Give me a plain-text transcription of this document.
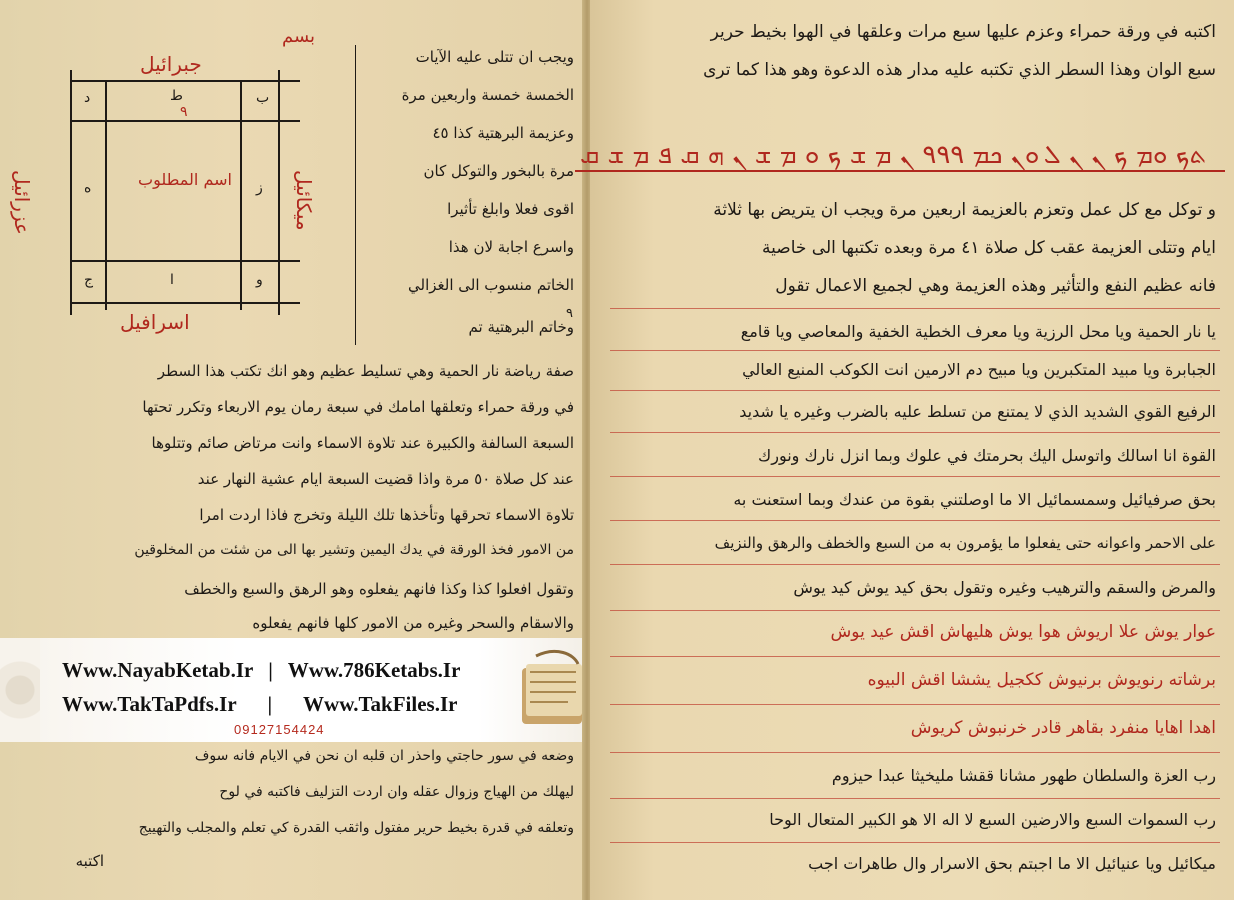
جبرائيل
عزرائيل	ميكائيل
اسرافيل
بسم
اسم المطلوب
ب
ط
٩
د
ز
ه
و
ا
ج
ويجب ان تتلى عليه الآيات
الخمسة خمسة واربعين مرة
وعزيمة البرهتية كذا ٤٥
مرة بالبخور والتوكل كان
اقوى فعلا وابلغ تأثيرا
واسرع اجابة لان هذا
الخاتم منسوب الى الغزالي
وخاتم البرهتية تم
صفة رياضة نار الحمية وهي تسليط عظيم وهو انك تكتب هذا السطر
في ورقة حمراء وتعلقها امامك في سبعة رمان يوم الاربعاء وتكرر تحتها
السبعة السالفة والكبيرة عند تلاوة الاسماء وانت مرتاض صائم وتتلوها
عند كل صلاة ٥٠ مرة واذا قضيت السبعة ايام عشية النهار عند
تلاوة الاسماء تحرقها وتأخذها تلك الليلة وتخرج فاذا اردت امرا
من الامور فخذ الورقة في يدك اليمين وتشير بها الى من شئت من المخلوقين
وتقول افعلوا كذا وكذا فانهم يفعلوه وهو الرهق والسبع والخطف
والاسقام والسحر وغيره من الامور كلها فانهم يفعلوه
وضعه في سور حاجتي واحذر ان قلبه ان نحن في الايام فانه سوف
ليهلك من الهياج وزوال عقله وان اردت التزليف فاكتبه في لوح
وتعلقه في قدرة بخيط حرير مفتول واثقب القدرة كي تعلم والمجلب والتهييج
اكتبه
Www.NayabKetab.Ir | Www.786Ketabs.Ir
Www.TakTaPdfs.Ir | Www.TakFiles.Ir
09127154424
اكتبه في ورقة حمراء وعزم عليها سبع مرات وعلقها في الهوا بخيط حرير
سبع الوان وهذا السطر الذي تكتبه عليه مدار هذه الدعوة وهو هذا كما ترى
و توكل مع كل عمل وتعزم بالعزيمة اربعين مرة ويجب ان يتريض بها ثلاثة
ايام وتتلى العزيمة عقب كل صلاة ٤١ مرة وبعده تكتبها الى خاصية
فانه عظيم النفع والتأثير وهذه العزيمة وهي لجميع الاعمال تقول
يا نار الحمية ويا محل الرزية ويا معرف الخطية الخفية والمعاصي ويا قامع
الجبابرة ويا مبيد المتكبرين ويا مبيح دم الارمين انت الكوكب المنيع العالي
الرفيع القوي الشديد الذي لا يمتنع من تسلط عليه بالضرب وغيره يا شديد
القوة انا اسالك واتوسل اليك بحرمتك في علوك وبما انزل نارك ونورك
بحق صرفيائيل وسمسمائيل الا ما اوصلتني بقوة من عندك وبما استعنت به
على الاحمر واعوانه حتى يفعلوا ما يؤمرون به من السبع والخطف والرهق والنزيف
والمرض والسقم والترهيب وغيره وتقول بحق كيد يوش كيد يوش
عوار يوش علا اريوش هوا يوش هليهاش اقش عيد يوش
برشاته رنويوش برنيوش ككجيل يششا اقش البيوه
اهدا اهايا منفرد بقاهر قادر خرنبوش كريوش
رب العزة والسلطان طهور مشانا ققشا مليخيثا عبدا حيزوم
رب السموات السبع والارضين السبع لا اله الا هو الكبير المتعال الوحا
ميكائيل ويا عنيائيل الا ما اجبتم بحق الاسرار وال طاهرات اجب
٩
ܬܟ ܘܡ ܟ ܢ ܢ ܠ ܘܢ ܟܡ ٩٩٩ ܢ ܡ ܫ ܟ ܘ ܡ ܫ ܢ ܗ ܩ ܦ ܡ ܫ ܩ
